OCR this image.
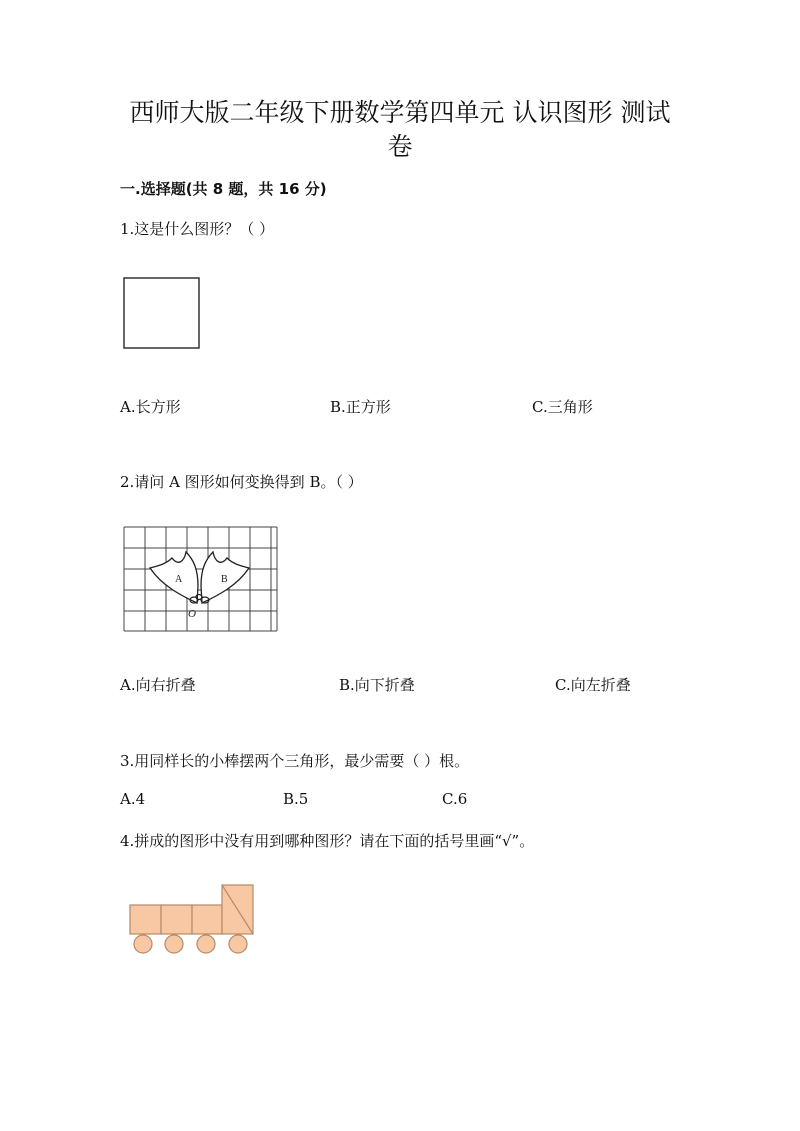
西师大版二年级下册数学第四单元 认识图形 测试
卷
一.选择题(共 8 题，共 16 分)
1.这是什么图形？（ ）
A.长方形	B.正方形	C.三角形
2.请问 A 图形如何变换得到 B。（ ）
A	B
O
A.向右折叠	B.向下折叠	C.向左折叠
3.用同样长的小棒摆两个三角形，最少需要（ ）根。
A.4	B.5	C.6
4.拼成的图形中没有用到哪种图形？请在下面的括号里画“√”。
